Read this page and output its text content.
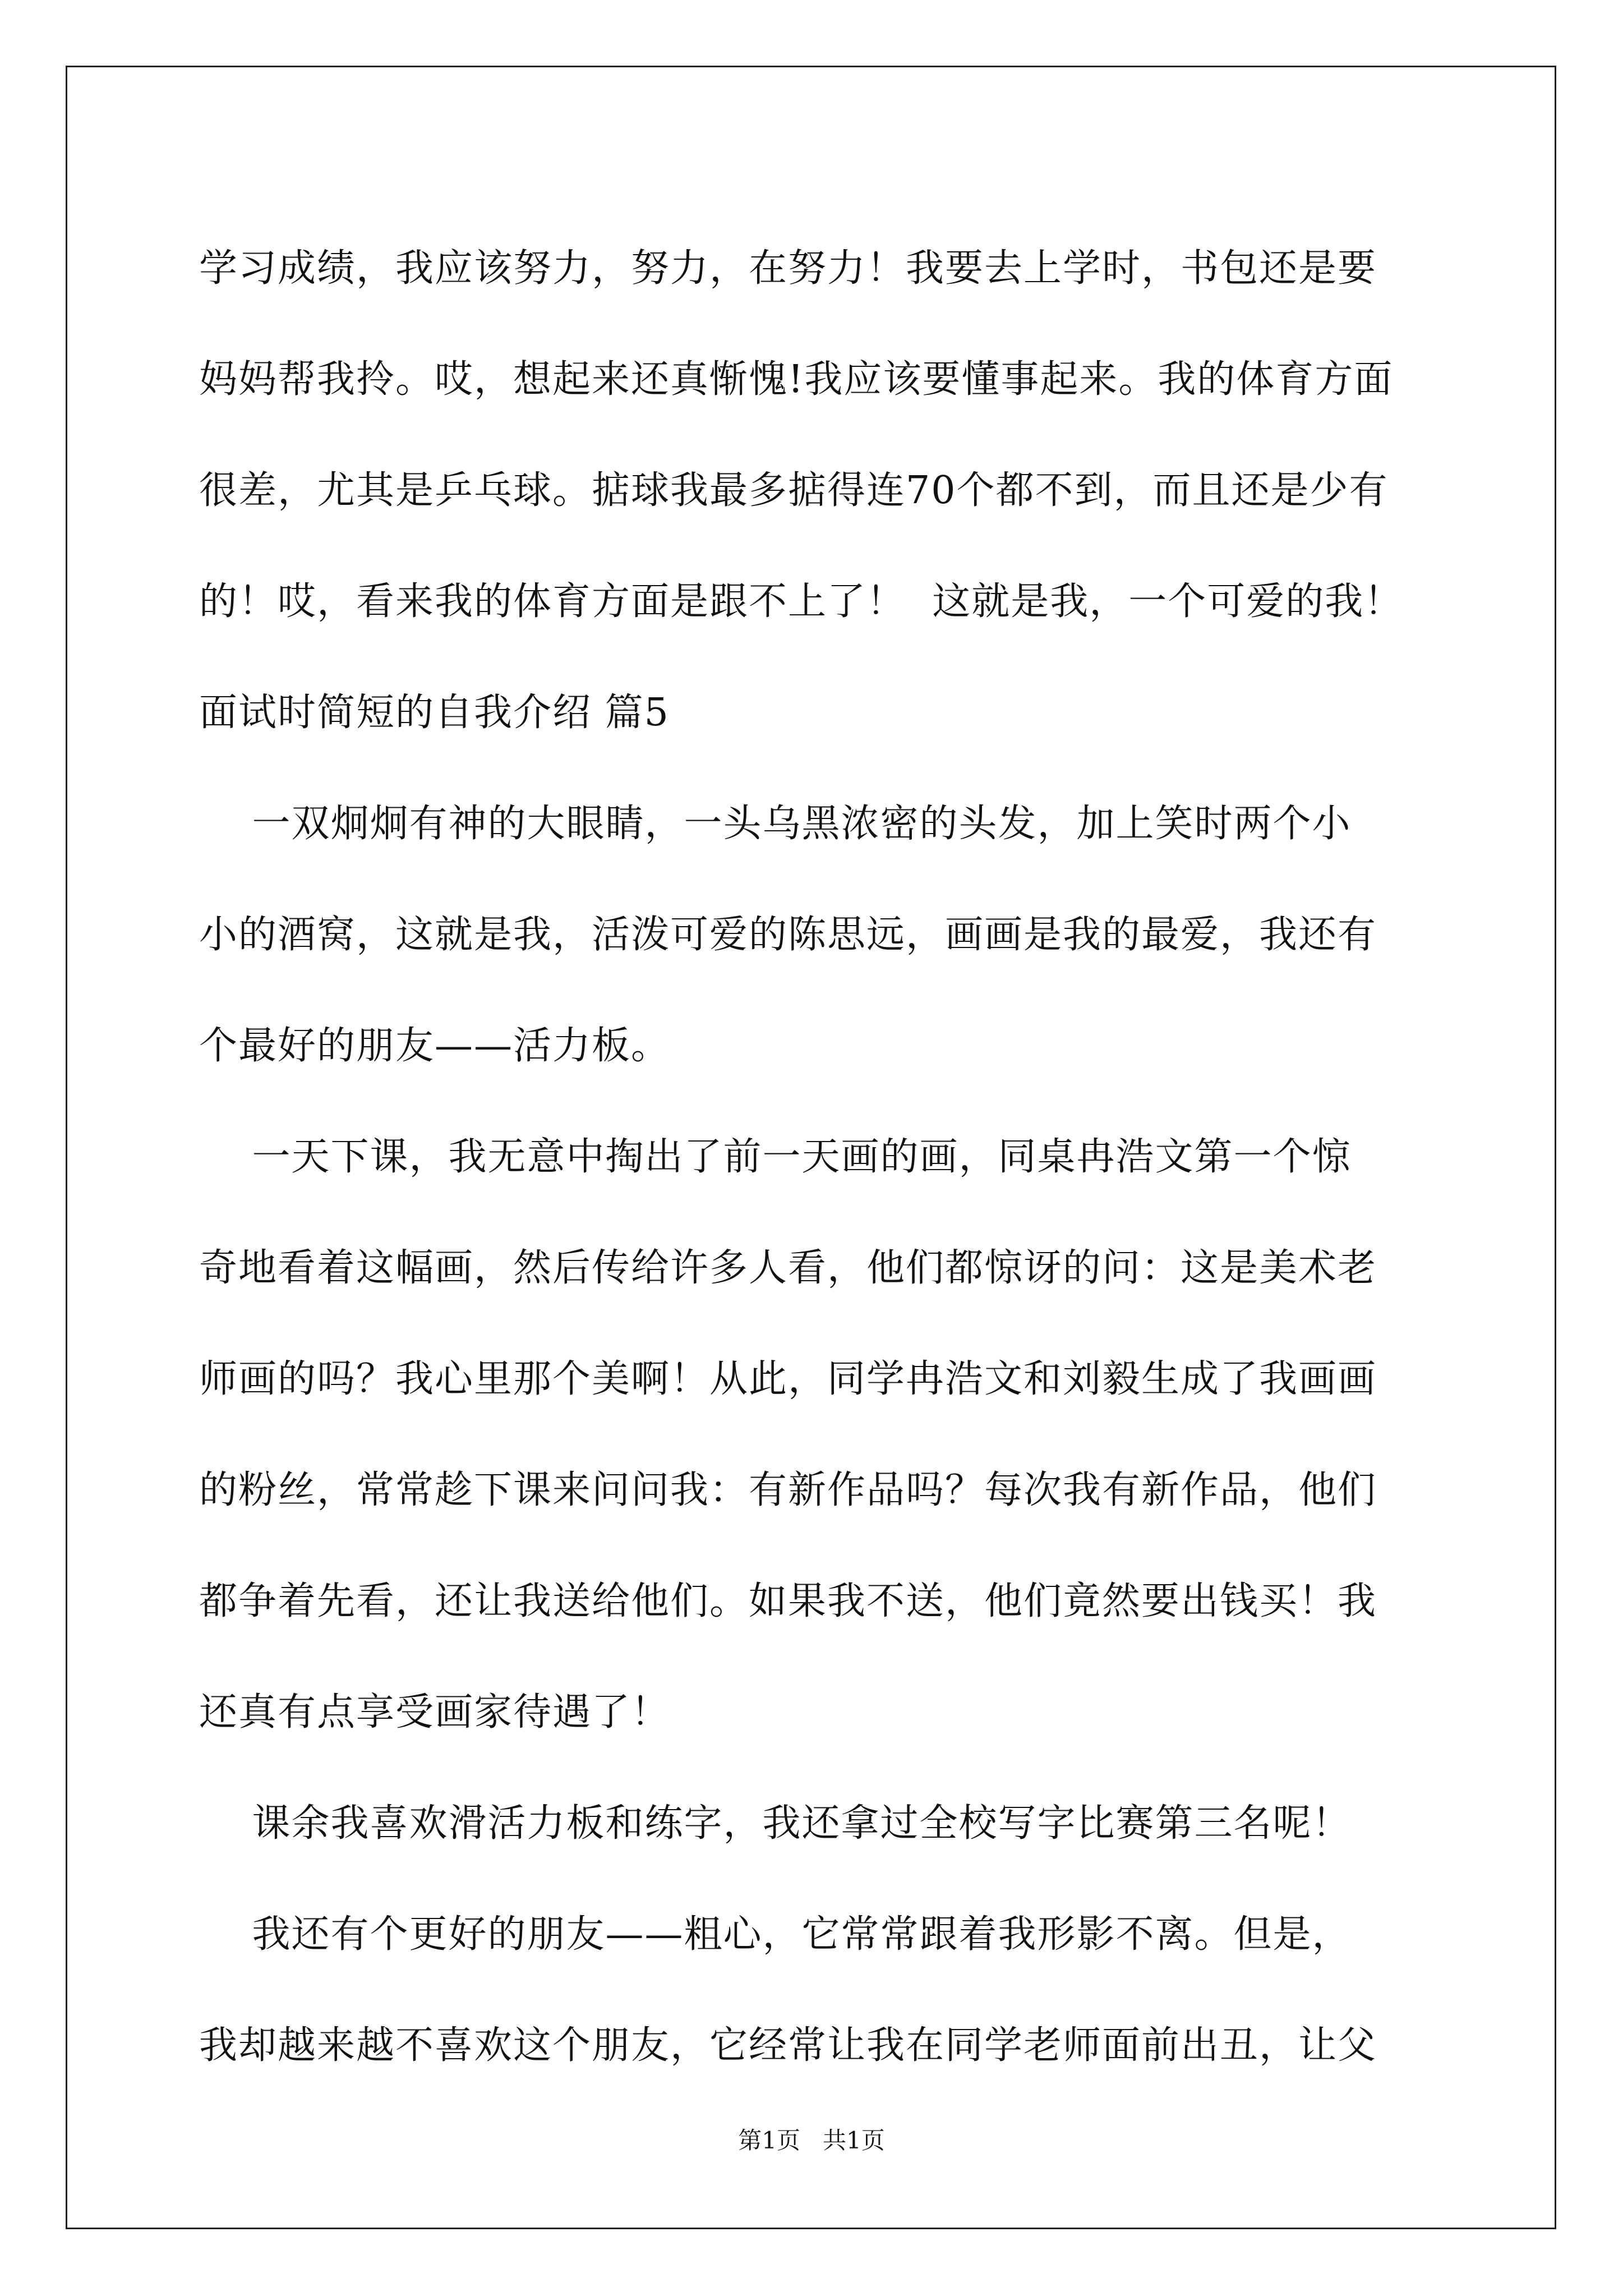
学习成绩，我应该努力，努力，在努力！我要去上学时，书包还是要
妈妈帮我拎。哎，想起来还真惭愧!我应该要懂事起来。我的体育方面
很差，尤其是乒乓球。掂球我最多掂得连70个都不到，而且还是少有
的！哎，看来我的体育方面是跟不上了！  这就是我，一个可爱的我！
面试时简短的自我介绍 篇5
一双炯炯有神的大眼睛，一头乌黑浓密的头发，加上笑时两个小
小的酒窝，这就是我，活泼可爱的陈思远，画画是我的最爱，我还有
个最好的朋友——活力板。
一天下课，我无意中掏出了前一天画的画，同桌冉浩文第一个惊
奇地看着这幅画，然后传给许多人看，他们都惊讶的问：这是美术老
师画的吗？我心里那个美啊！从此，同学冉浩文和刘毅生成了我画画
的粉丝，常常趁下课来问问我：有新作品吗？每次我有新作品，他们
都争着先看，还让我送给他们。如果我不送，他们竟然要出钱买！我
还真有点享受画家待遇了！
课余我喜欢滑活力板和练字，我还拿过全校写字比赛第三名呢！
我还有个更好的朋友——粗心，它常常跟着我形影不离。但是，
我却越来越不喜欢这个朋友，它经常让我在同学老师面前出丑，让父
第1页   共1页
